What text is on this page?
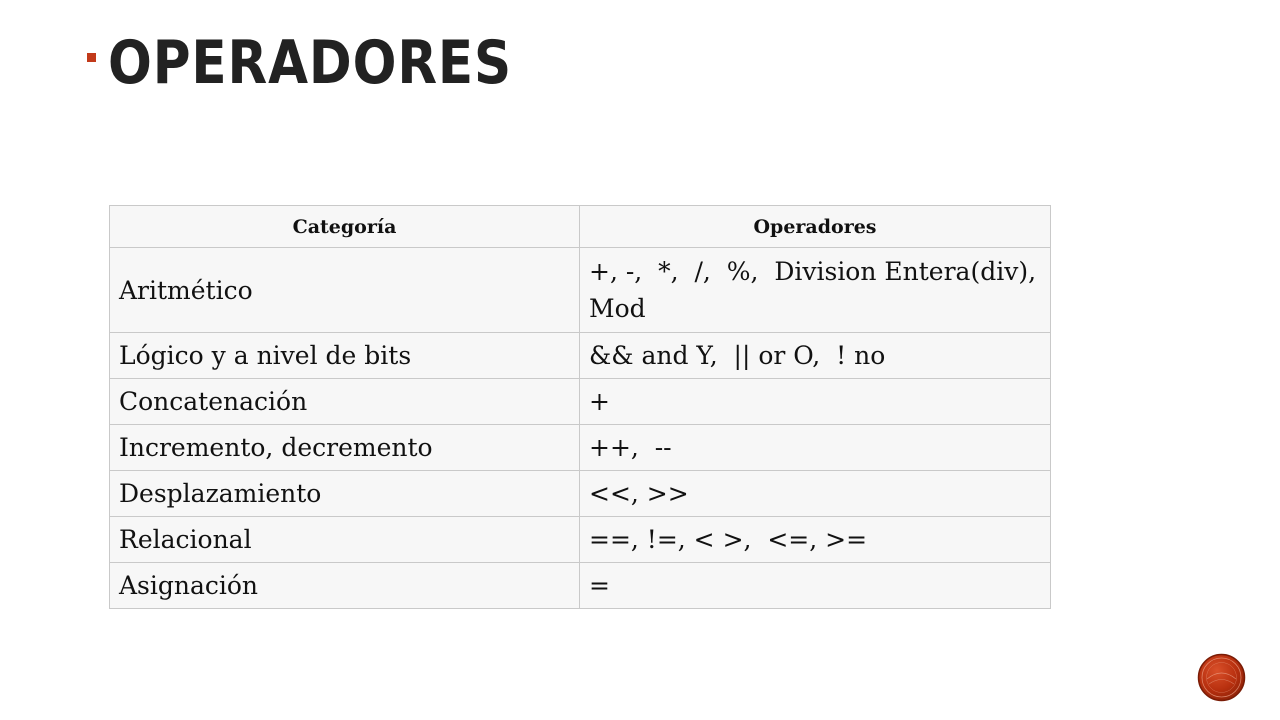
OPERADORES
Categoría	Operadores
Aritmético	+, -,  *,  /,  %,  Division Entera(div), Mod
Lógico y a nivel de bits	&& and Y,  || or O,  ! no
Concatenación	+
Incremento, decremento	++,  --
Desplazamiento	<<, >>
Relacional	==, !=, < >,  <=, >=
Asignación	=
